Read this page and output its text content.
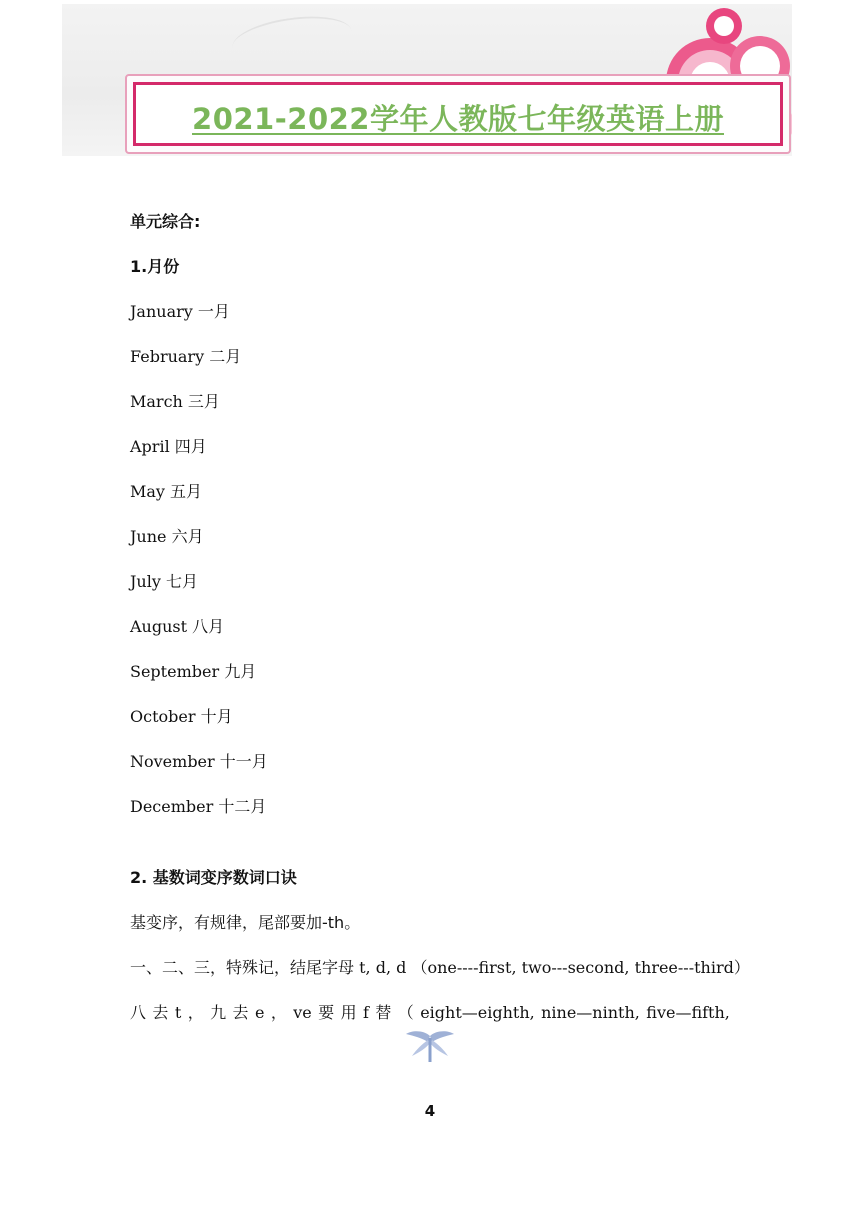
2021-2022学年人教版七年级英语上册
单元综合:
1.月份
January 一月
February 二月
March 三月
April 四月
May 五月
June 六月
July 七月
August 八月
September 九月
October 十月
November 十一月
December 十二月
2. 基数词变序数词口诀
基变序，有规律，尾部要加-th。
一、二、三，特殊记，结尾字母 t, d, d （one----first, two---second, three---third）
八 去 t ， 九 去 e ， ve 要 用 f 替 （ eight—eighth, nine—ninth, five—fifth,
4
